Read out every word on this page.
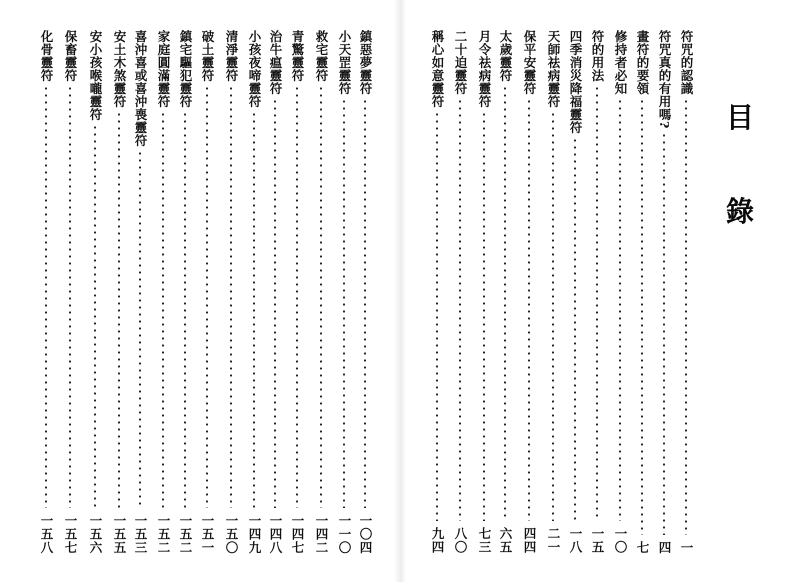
鎮惡夢靈符
一〇四
小天罡靈符
一一〇
救宅靈符
一四二
青驚靈符
一四七
治牛瘟靈符
一四八
小孩夜啼靈符
一四九
清淨靈符
一五〇
破土靈符
一五一
鎮宅驅犯靈符
一五二
家庭圓滿靈符
一五二
喜沖喜或喜沖喪靈符
一五三
安土木煞靈符
一五五
安小孩喉嚨靈符
一五六
保畜靈符
一五七
化骨靈符
一五八
符咒的認識
一
符咒真的有用嗎?
四
畫符的要領
七
修持者必知
一〇
符的用法
一五
四季消災降福靈符
一八
天師祛病靈符
二一
保平安靈符
四四
太歲靈符
六五
月令祛病靈符
七三
二十迫靈符
八〇
稱心如意靈符
九四
目
錄
